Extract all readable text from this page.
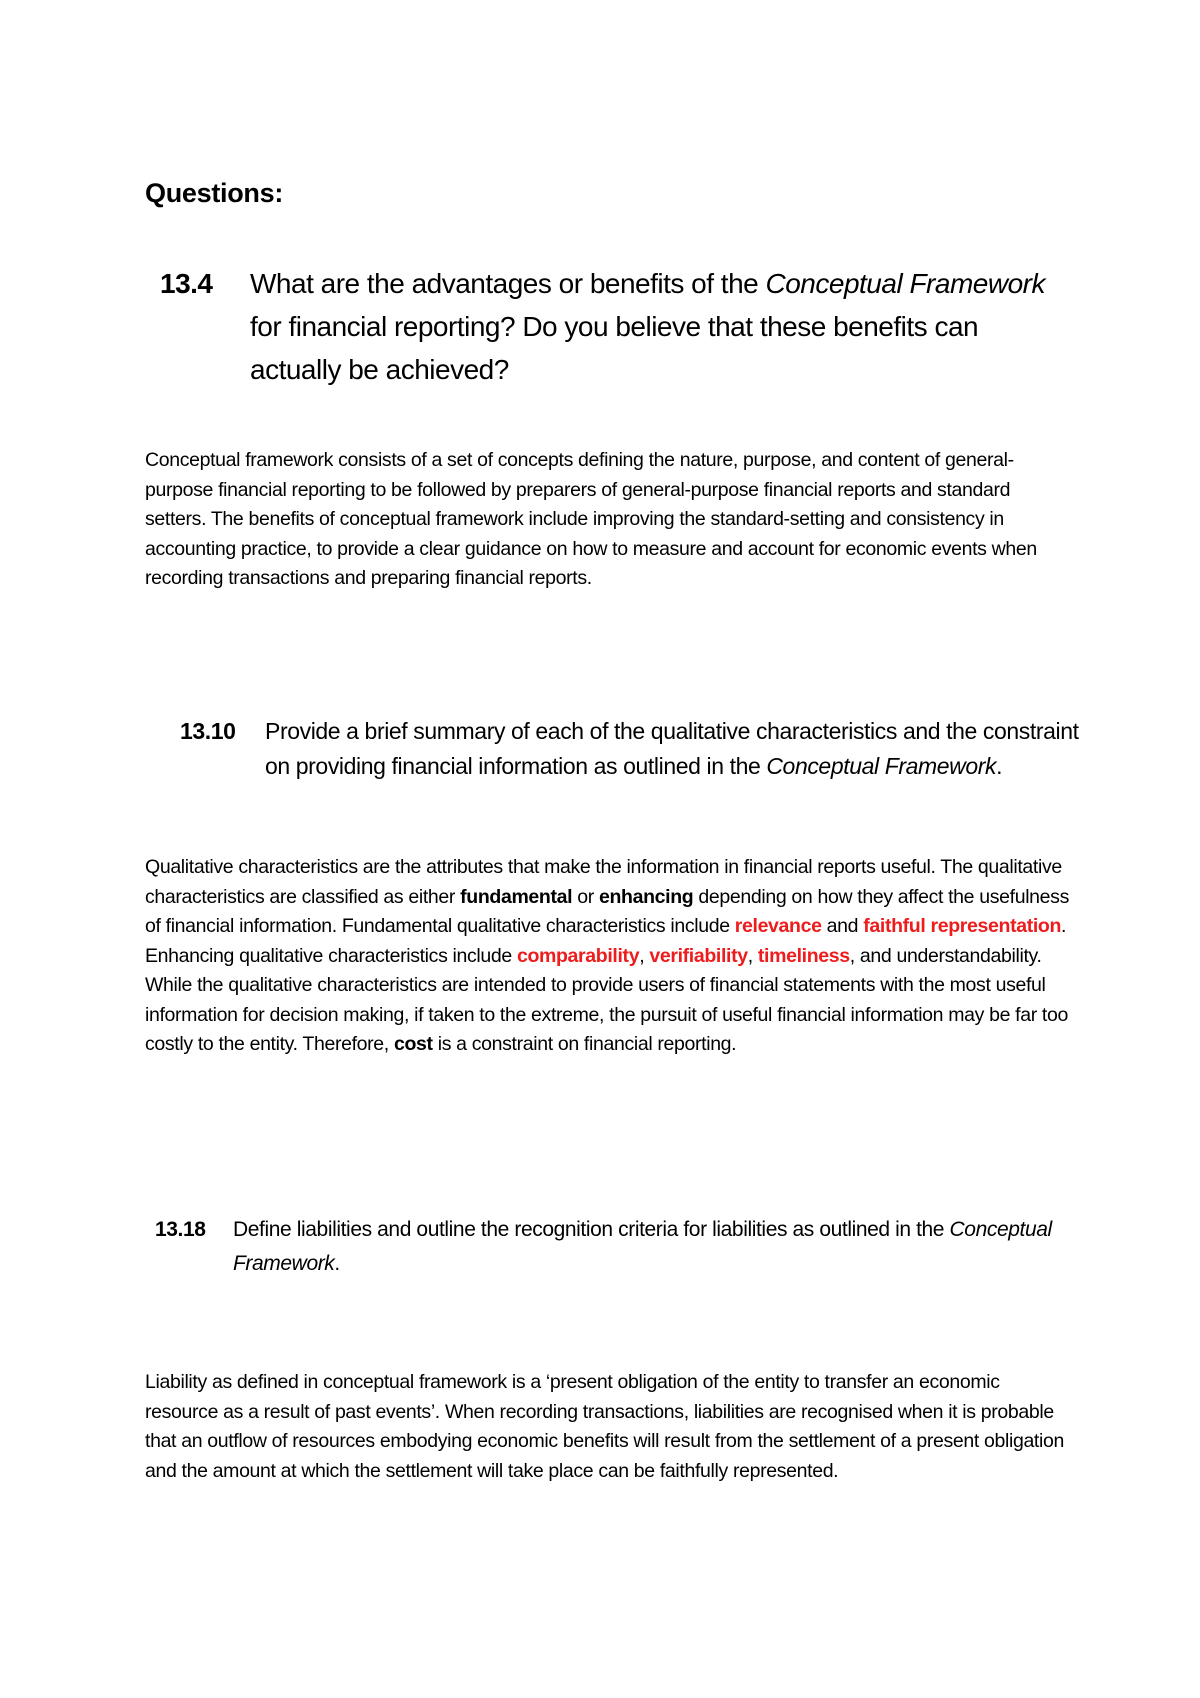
Questions:
13.4	What are the advantages or benefits of the Conceptual Framework for financial reporting? Do you believe that these benefits can actually be achieved?

Conceptual framework consists of a set of concepts defining the nature, purpose, and content of general-purpose financial reporting to be followed by preparers of general-purpose financial reports and standard setters. The benefits of conceptual framework include improving the standard-setting and consistency in accounting practice, to provide a clear guidance on how to measure and account for economic events when recording transactions and preparing financial reports.

13.10	Provide a brief summary of each of the qualitative characteristics and the constraint on providing financial information as outlined in the Conceptual Framework.

Qualitative characteristics are the attributes that make the information in financial reports useful. The qualitative characteristics are classified as either fundamental or enhancing depending on how they affect the usefulness of financial information. Fundamental qualitative characteristics include relevance and faithful representation. Enhancing qualitative characteristics include comparability, verifiability, timeliness, and understandability. While the qualitative characteristics are intended to provide users of financial statements with the most useful information for decision making, if taken to the extreme, the pursuit of useful financial information may be far too costly to the entity. Therefore, cost is a constraint on financial reporting.

13.18	Define liabilities and outline the recognition criteria for liabilities as outlined in the Conceptual Framework.

Liability as defined in conceptual framework is a ‘present obligation of the entity to transfer an economic resource as a result of past events’. When recording transactions, liabilities are recognised when it is probable that an outflow of resources embodying economic benefits will result from the settlement of a present obligation and the amount at which the settlement will take place can be faithfully represented.
